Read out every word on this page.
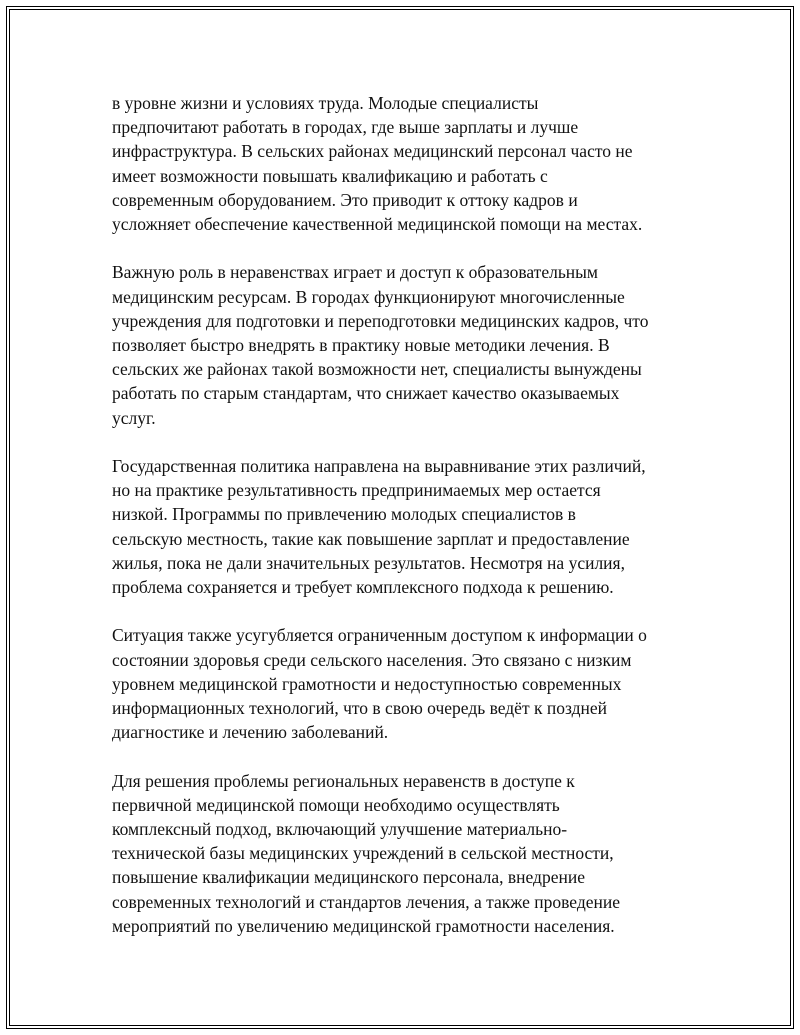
в уровне жизни и условиях труда. Молодые специалисты
предпочитают работать в городах, где выше зарплаты и лучше
инфраструктура. В сельских районах медицинский персонал часто не
имеет возможности повышать квалификацию и работать с
современным оборудованием. Это приводит к оттоку кадров и
усложняет обеспечение качественной медицинской помощи на местах.

Важную роль в неравенствах играет и доступ к образовательным
медицинским ресурсам. В городах функционируют многочисленные
учреждения для подготовки и переподготовки медицинских кадров, что
позволяет быстро внедрять в практику новые методики лечения. В
сельских же районах такой возможности нет, специалисты вынуждены
работать по старым стандартам, что снижает качество оказываемых
услуг.

Государственная политика направлена на выравнивание этих различий,
но на практике результативность предпринимаемых мер остается
низкой. Программы по привлечению молодых специалистов в
сельскую местность, такие как повышение зарплат и предоставление
жилья, пока не дали значительных результатов. Несмотря на усилия,
проблема сохраняется и требует комплексного подхода к решению.

Ситуация также усугубляется ограниченным доступом к информации о
состоянии здоровья среди сельского населения. Это связано с низким
уровнем медицинской грамотности и недоступностью современных
информационных технологий, что в свою очередь ведёт к поздней
диагностике и лечению заболеваний.

Для решения проблемы региональных неравенств в доступе к
первичной медицинской помощи необходимо осуществлять
комплексный подход, включающий улучшение материально-
технической базы медицинских учреждений в сельской местности,
повышение квалификации медицинского персонала, внедрение
современных технологий и стандартов лечения, а также проведение
мероприятий по увеличению медицинской грамотности населения.
